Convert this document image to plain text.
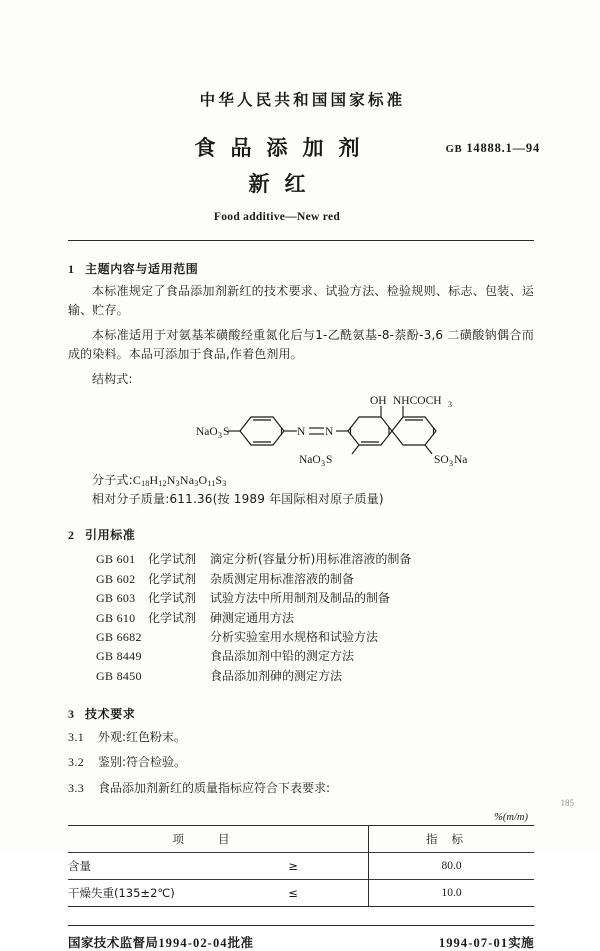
中华人民共和国国家标准
食品添加剂	GB 14888.1—94
新红
Food additive—New red
1 主题内容与适用范围

本标准规定了食品添加剂新红的技术要求、试验方法、检验规则、标志、包装、运输、贮存。

本标准适用于对氨基苯磺酸经重氮化后与1-乙酰氨基-8-萘酚-3,6 二磺酸钠偶合而成的染料。本品可添加于食品,作着色剂用。

结构式:

NaO 3 S	N N
OH NHCOCH 3
NaO 3 S	SO 3 Na
分子式$:C_{18}H_{12}N_3Na_3O_{11}S_3$
相对分子质量:611.36(按 1989 年国际相对原子质量)
2 引用标准
GB 601	化学试剂	滴定分析(容量分析)用标准溶液的制备
GB 602	化学试剂	杂质测定用标准溶液的制备
GB 603	化学试剂	试验方法中所用制剂及制品的制备
GB 610	化学试剂	砷测定通用方法
GB 6682	分析实验室用水规格和试验方法
GB 8449	食品添加剂中铅的测定方法
GB 8450	食品添加剂砷的测定方法
3 技术要求
3.1	外观:红色粉末。
3.2	鉴别:符合检验。
3.3	食品添加剂新红的质量指标应符合下表要求:
%(m/m)
项目		指标
含量	≥	80.0
干燥失重(135±2℃)	≤	10.0

国家技术监督局1994-02-04批准	1994-07-01实施
185
